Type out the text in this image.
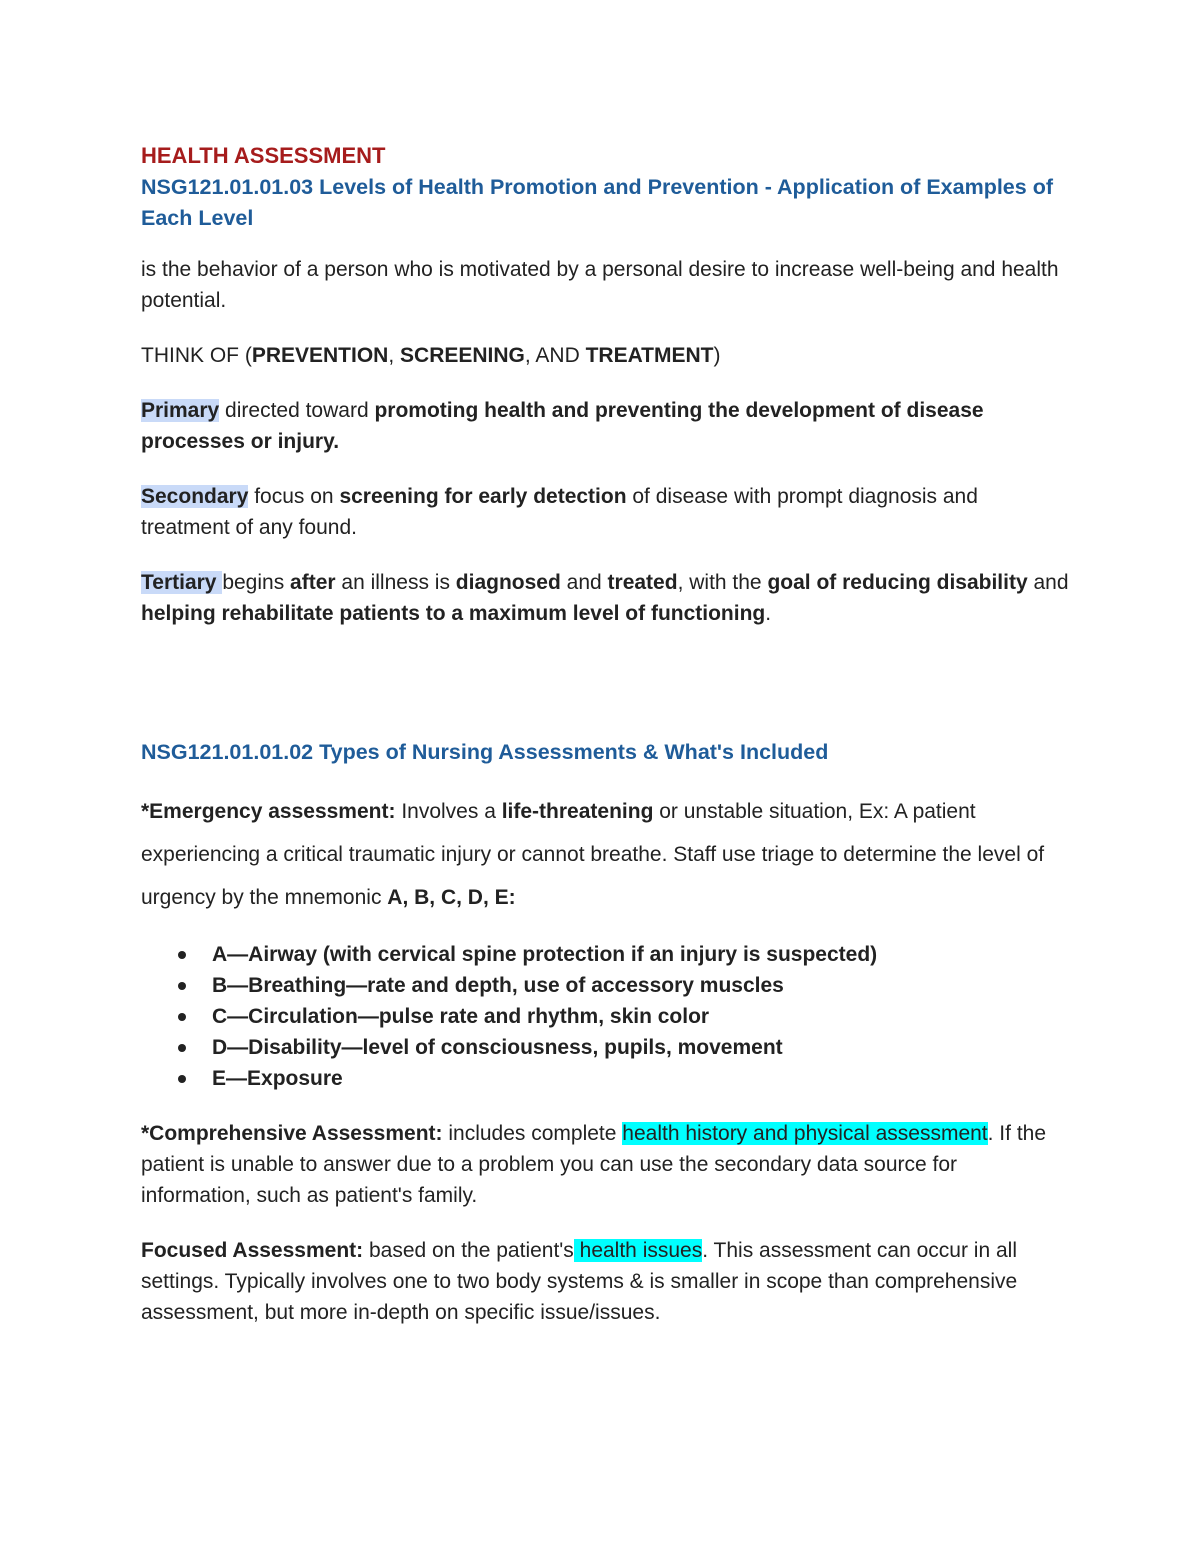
HEALTH ASSESSMENT
NSG121.01.01.03 Levels of Health Promotion and Prevention - Application of Examples of Each Level

is the behavior of a person who is motivated by a personal desire to increase well-being and health potential.

THINK OF (PREVENTION, SCREENING, AND TREATMENT)

Primary directed toward promoting health and preventing the development of disease processes or injury.

Secondary focus on screening for early detection of disease with prompt diagnosis and treatment of any found.

Tertiary begins after an illness is diagnosed and treated, with the goal of reducing disability and helping rehabilitate patients to a maximum level of functioning.

NSG121.01.01.02 Types of Nursing Assessments & What's Included

*Emergency assessment: Involves a life-threatening or unstable situation, Ex: A patient experiencing a critical traumatic injury or cannot breathe. Staff use triage to determine the level of urgency by the mnemonic A, B, C, D, E:

A—Airway (with cervical spine protection if an injury is suspected)
B—Breathing—rate and depth, use of accessory muscles
C—Circulation—pulse rate and rhythm, skin color
D—Disability—level of consciousness, pupils, movement
E—Exposure

*Comprehensive Assessment: includes complete health history and physical assessment. If the patient is unable to answer due to a problem you can use the secondary data source for information, such as patient's family.

Focused Assessment: based on the patient's health issues. This assessment can occur in all settings. Typically involves one to two body systems & is smaller in scope than comprehensive assessment, but more in-depth on specific issue/issues.
